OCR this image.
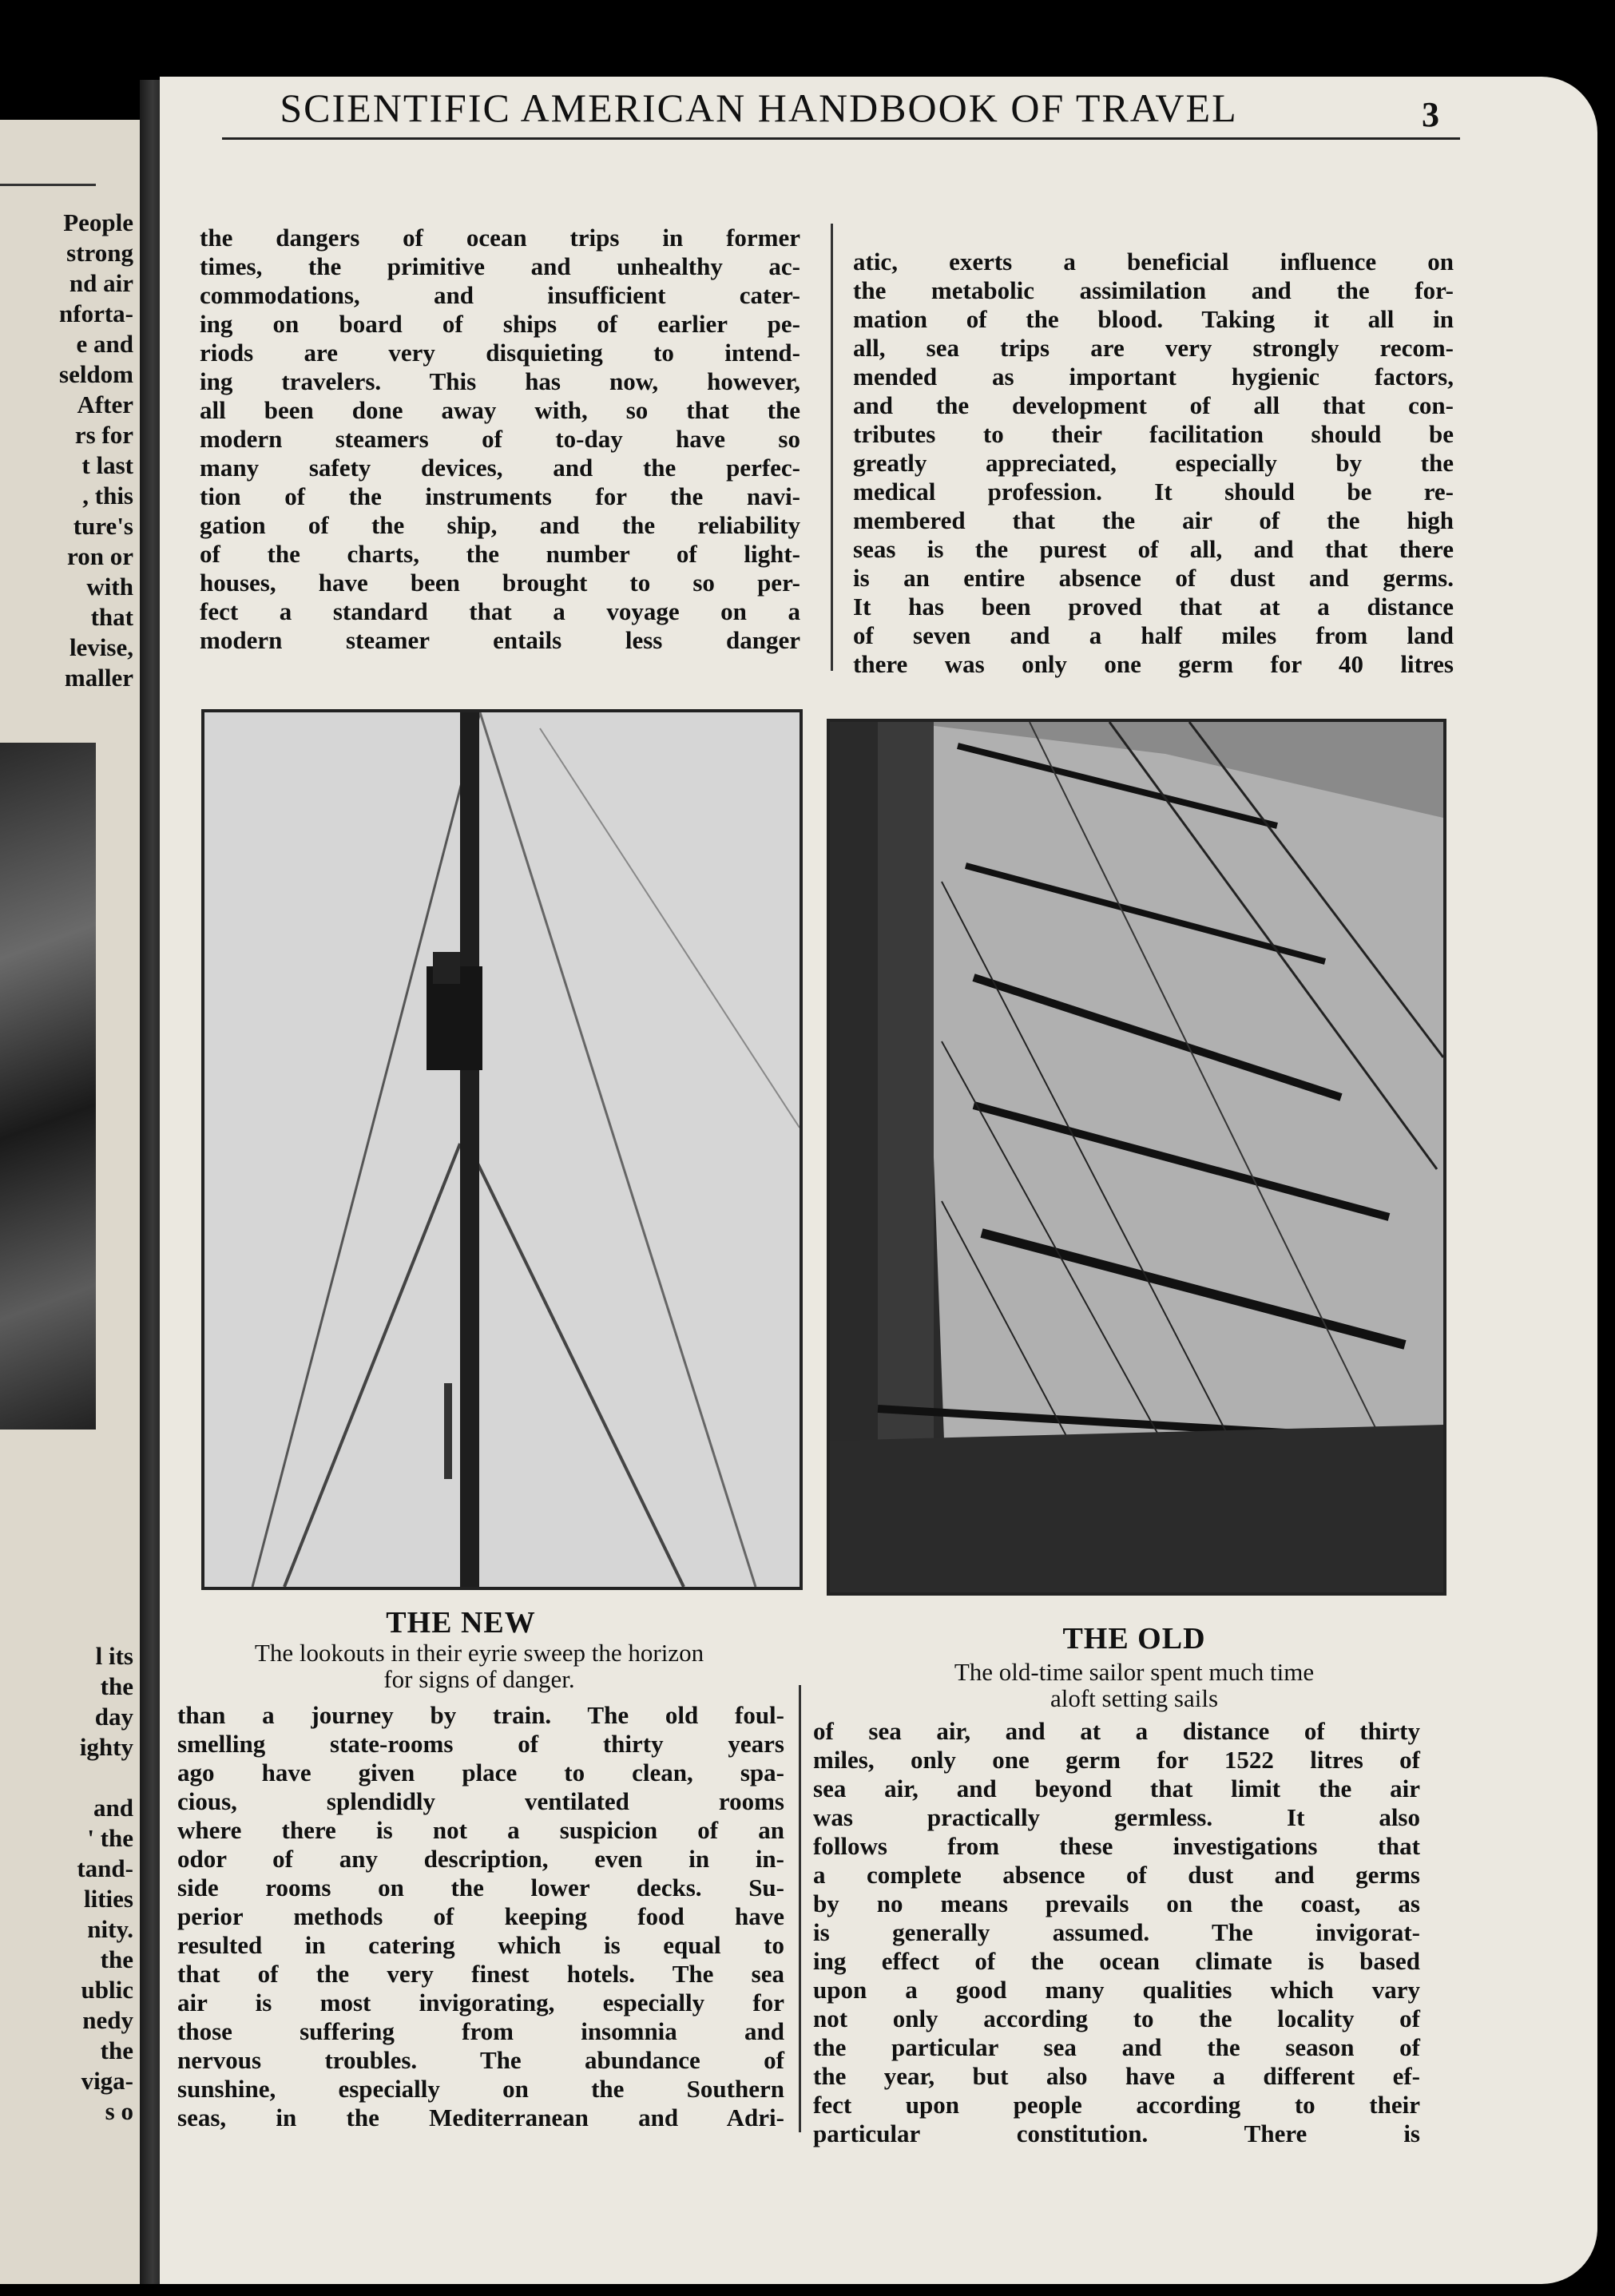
People
strong
nd air
nforta-
e and
seldom
After
rs for
t last
, this
ture's
ron or
with
that
levise,
maller
l its
the
day
ighty
and
' the
tand-
lities
nity.
the
ublic
nedy
the
viga-
s o
SCIENTIFIC AMERICAN HANDBOOK OF TRAVEL	3
the dangers of ocean trips in former
times, the primitive and unhealthy ac-
commodations, and insufficient cater-
ing on board of ships of earlier pe-
riods are very disquieting to intend-
ing travelers. This has now, however,
all been done away with, so that the
modern steamers of to-day have so
many safety devices, and the perfec-
tion of the instruments for the navi-
gation of the ship, and the reliability
of the charts, the number of light-
houses, have been brought to so per-
fect a standard that a voyage on a
modern steamer entails less danger
atic, exerts a beneficial influence on
the metabolic assimilation and the for-
mation of the blood. Taking it all in
all, sea trips are very strongly recom-
mended as important hygienic factors,
and the development of all that con-
tributes to their facilitation should be
greatly appreciated, especially by the
medical profession. It should be re-
membered that the air of the high
seas is the purest of all, and that there
is an entire absence of dust and germs.
It has been proved that at a distance
of seven and a half miles from land
there was only one germ for 40 litres
THE NEW
The lookouts in their eyrie sweep the horizon
for signs of danger.
THE OLD
The old-time sailor spent much time
aloft setting sails
than a journey by train. The old foul-
smelling state-rooms of thirty years
ago have given place to clean, spa-
cious, splendidly ventilated rooms
where there is not a suspicion of an
odor of any description, even in in-
side rooms on the lower decks. Su-
perior methods of keeping food have
resulted in catering which is equal to
that of the very finest hotels. The sea
air is most invigorating, especially for
those suffering from insomnia and
nervous troubles. The abundance of
sunshine, especially on the Southern
seas, in the Mediterranean and Adri-
of sea air, and at a distance of thirty
miles, only one germ for 1522 litres of
sea air, and beyond that limit the air
was practically germless. It also
follows from these investigations that
a complete absence of dust and germs
by no means prevails on the coast, as
is generally assumed. The invigorat-
ing effect of the ocean climate is based
upon a good many qualities which vary
not only according to the locality of
the particular sea and the season of
the year, but also have a different ef-
fect upon people according to their
particular constitution. There is
